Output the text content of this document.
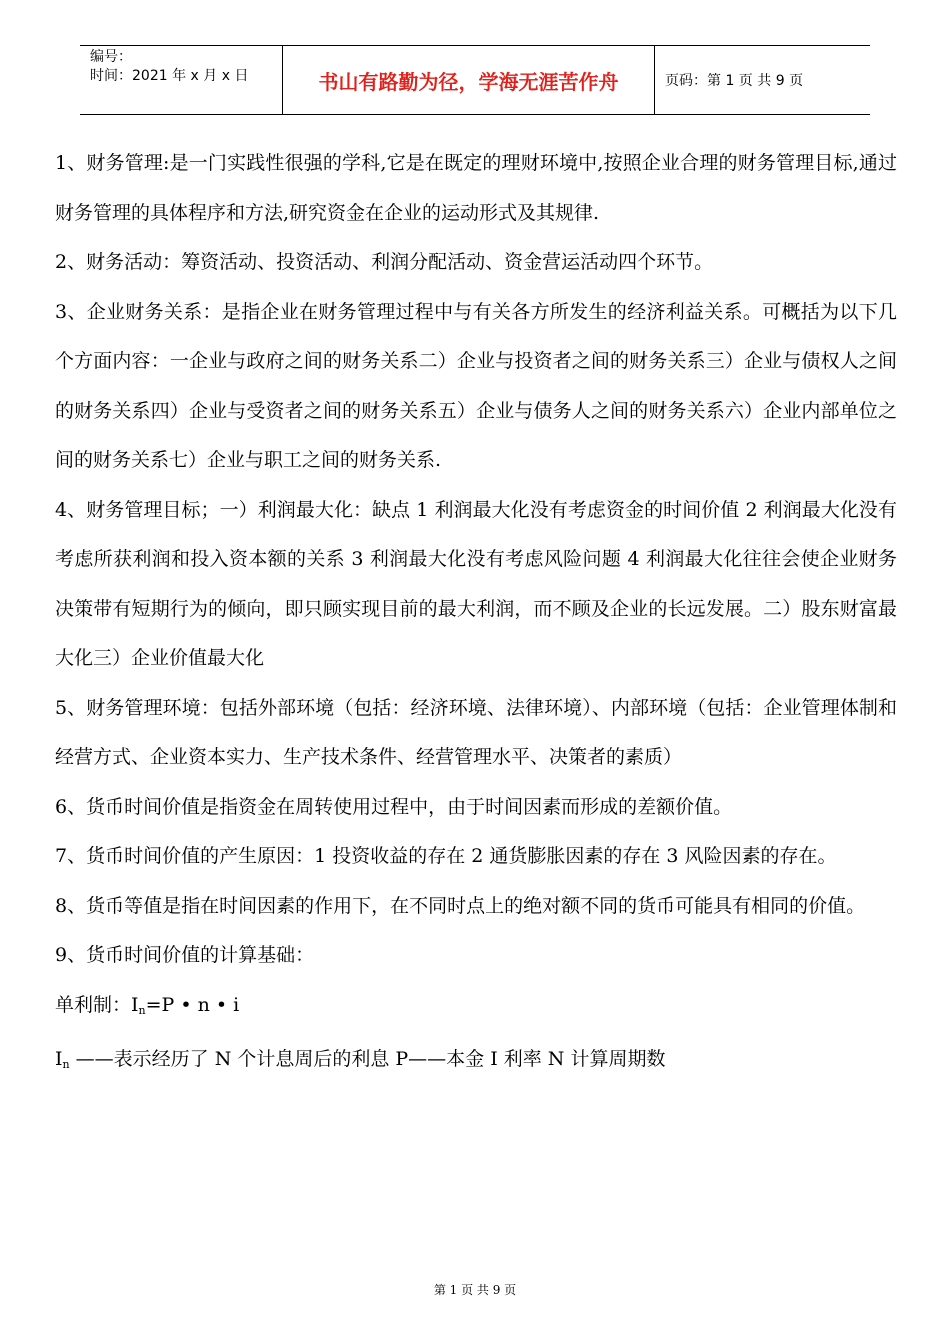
编号：
时间：2021 年 x 月 x 日	书山有路勤为径，学海无涯苦作舟	页码：第 1 页 共 9 页

1、财务管理:是一门实践性很强的学科,它是在既定的理财环境中,按照企业合理的财务管理目标,通过财务管理的具体程序和方法,研究资金在企业的运动形式及其规律.

2、财务活动：筹资活动、投资活动、利润分配活动、资金营运活动四个环节。

3、企业财务关系：是指企业在财务管理过程中与有关各方所发生的经济利益关系。可概括为以下几个方面内容：一企业与政府之间的财务关系二）企业与投资者之间的财务关系三）企业与债权人之间的财务关系四）企业与受资者之间的财务关系五）企业与债务人之间的财务关系六）企业内部单位之间的财务关系七）企业与职工之间的财务关系.

4、财务管理目标；一）利润最大化：缺点 1 利润最大化没有考虑资金的时间价值 2 利润最大化没有考虑所获利润和投入资本额的关系 3 利润最大化没有考虑风险问题 4 利润最大化往往会使企业财务决策带有短期行为的倾向，即只顾实现目前的最大利润，而不顾及企业的长远发展。二）股东财富最大化三）企业价值最大化

5、财务管理环境：包括外部环境（包括：经济环境、法律环境）、内部环境（包括：企业管理体制和经营方式、企业资本实力、生产技术条件、经营管理水平、决策者的素质）

6、货币时间价值是指资金在周转使用过程中，由于时间因素而形成的差额价值。

7、货币时间价值的产生原因：1 投资收益的存在 2 通货膨胀因素的存在 3 风险因素的存在。

8、货币等值是指在时间因素的作用下，在不同时点上的绝对额不同的货币可能具有相同的价值。

9、货币时间价值的计算基础：

单利制：$I_n=P$ • n • i

$I_n$ ——表示经历了 N 个计息周后的利息 P——本金 I 利率 N 计算周期数

第 1 页 共 9 页
